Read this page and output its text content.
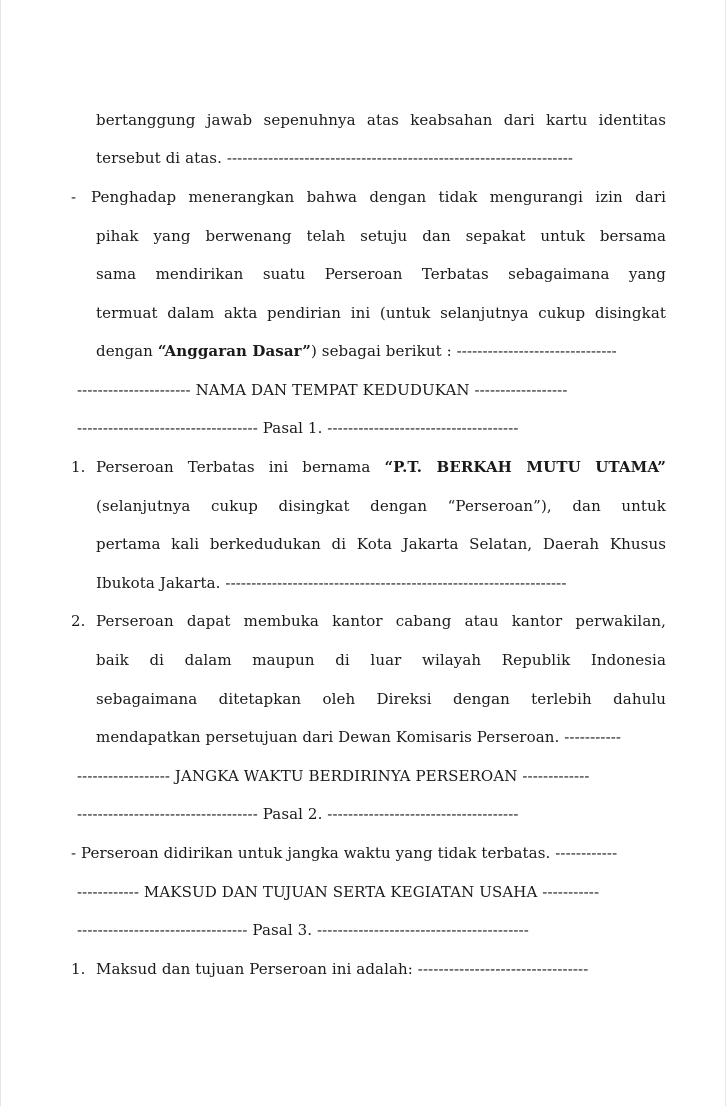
bertanggung jawab sepenuhnya atas keabsahan dari kartu identitas
tersebut di atas. -------------------------------------------------------------------
- Penghadap menerangkan bahwa dengan tidak mengurangi izin dari
pihak yang berwenang telah setuju dan sepakat untuk bersama
sama mendirikan suatu Perseroan Terbatas sebagaimana yang
termuat dalam akta pendirian ini (untuk selanjutnya cukup disingkat
dengan “Anggaran Dasar”) sebagai berikut : -------------------------------
---------------------- NAMA DAN TEMPAT KEDUDUKAN ------------------
----------------------------------- Pasal 1. -------------------------------------
1. Perseroan Terbatas ini bernama “P.T. BERKAH MUTU UTAMA”
(selanjutnya cukup disingkat dengan “Perseroan”), dan untuk
pertama kali berkedudukan di Kota Jakarta Selatan, Daerah Khusus
Ibukota Jakarta. ------------------------------------------------------------------
2. Perseroan dapat membuka kantor cabang atau kantor perwakilan,
baik di dalam maupun di luar wilayah Republik Indonesia
sebagaimana ditetapkan oleh Direksi dengan terlebih dahulu
mendapatkan persetujuan dari Dewan Komisaris Perseroan. -----------
------------------ JANGKA WAKTU BERDIRINYA PERSEROAN -------------
----------------------------------- Pasal 2. -------------------------------------
- Perseroan didirikan untuk jangka waktu yang tidak terbatas. ------------
------------ MAKSUD DAN TUJUAN SERTA KEGIATAN USAHA -----------
--------------------------------- Pasal 3. -----------------------------------------
1. Maksud dan tujuan Perseroan ini adalah: ---------------------------------
